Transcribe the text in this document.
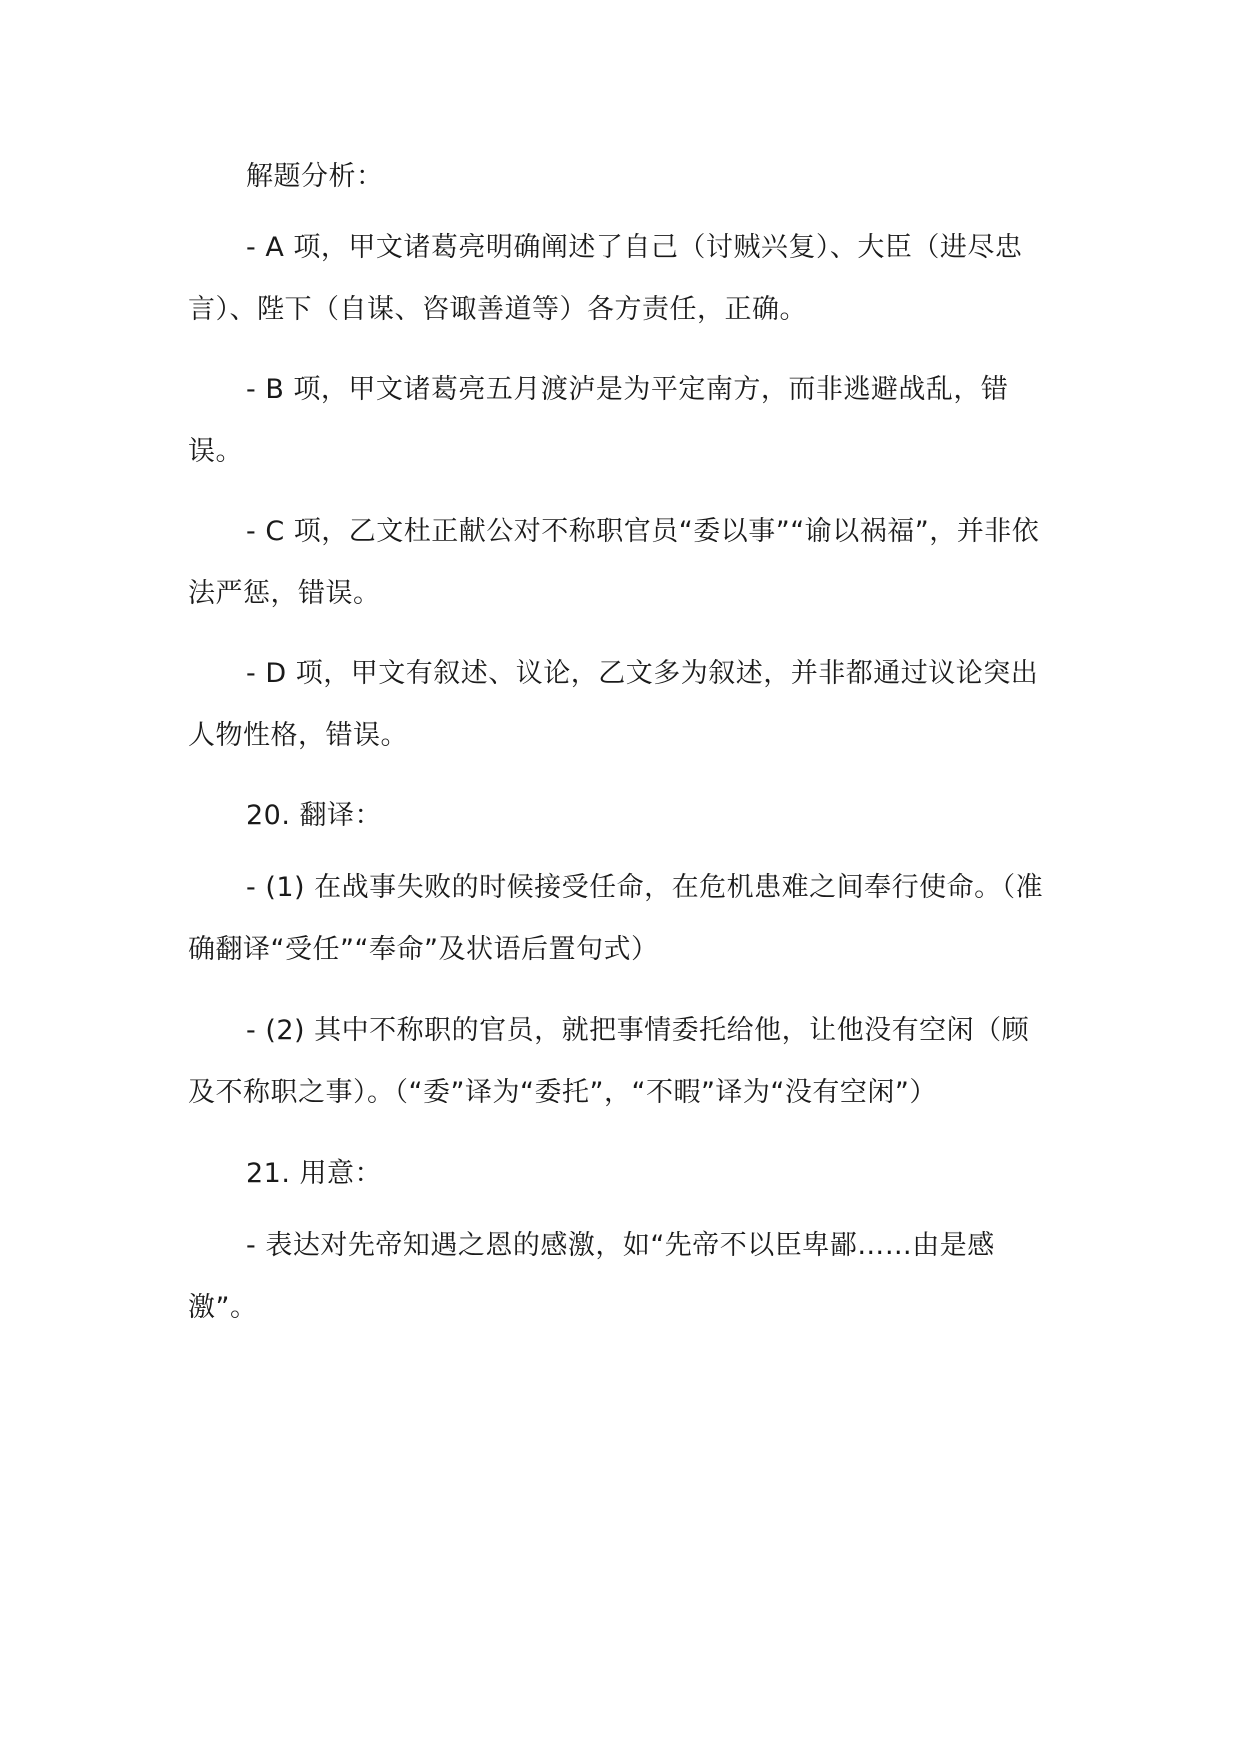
解题分析：

- A 项，甲文诸葛亮明确阐述了自己（讨贼兴复）、大臣（进尽忠言）、陛下（自谋、咨诹善道等）各方责任，正确。

- B 项，甲文诸葛亮五月渡泸是为平定南方，而非逃避战乱，错误。

- C 项，乙文杜正献公对不称职官员“委以事”“谕以祸福”，并非依法严惩，错误。

- D 项，甲文有叙述、议论，乙文多为叙述，并非都通过议论突出人物性格，错误。

20. 翻译：

- (1) 在战事失败的时候接受任命，在危机患难之间奉行使命。（准确翻译“受任”“奉命”及状语后置句式）

- (2) 其中不称职的官员，就把事情委托给他，让他没有空闲（顾及不称职之事）。（“委”译为“委托”，“不暇”译为“没有空闲”）

21. 用意：

- 表达对先帝知遇之恩的感激，如“先帝不以臣卑鄙……由是感激”。
